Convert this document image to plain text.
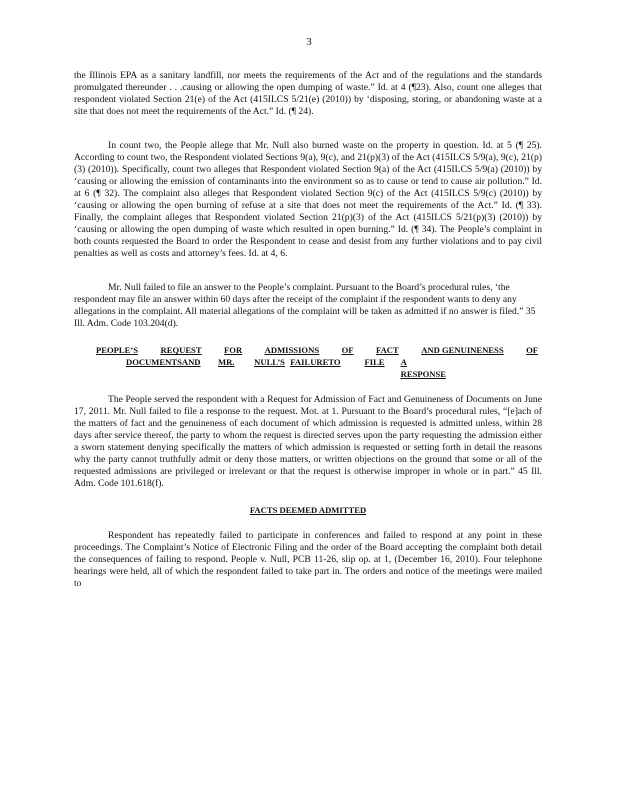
3

the Illinois EPA as a sanitary landfill, nor meets the requirements of the Act and of the regulations and the standards promulgated thereunder . . .causing or allowing the open dumping of waste.” Id. at 4 (¶23). Also, count one alleges that respondent violated Section 21(e) of the Act (415ILCS 5/21(e) (2010)) by ‘disposing, storing, or abandoning waste at a site that does not meet the requirements of the Act.” Id. (¶ 24).

In count two, the People allege that Mr. Null also burned waste on the property in question. Id. at 5 (¶ 25). According to count two, the Respondent violated Sections 9(a), 9(c), and 21(p)(3) of the Act (415ILCS 5/9(a), 9(c), 21(p)(3) (2010)). Specifically, count two alleges that Respondent violated Section 9(a) of the Act (415ILCS 5/9(a) (2010)) by ‘causing or allowing the emission of contaminants into the environment so as to cause or tend to cause air pollution.” Id. at 6 (¶ 32). The complaint also alleges that Respondent violated Section 9(c) of the Act (415ILCS 5/9(c) (2010)) by ‘causing or allowing the open burning of refuse at a site that does not meet the requirements of the Act.” Id. (¶ 33). Finally, the complaint alleges that Respondent violated Section 21(p)(3) of the Act (415ILCS 5/21(p)(3) (2010)) by ‘causing or allowing the open dumping of waste which resulted in open burning.” Id. (¶ 34). The People’s complaint in both counts requested the Board to order the Respondent to cease and desist from any further violations and to pay civil penalties as well as costs and attorney’s fees. Id. at 4, 6.

Mr. Null failed to file an answer to the People’s complaint. Pursuant to the Board’s procedural rules, ‘the respondent may file an answer within 60 days after the receipt of the complaint if the respondent wants to deny any allegations in the complaint. All material allegations of the complaint will be taken as admitted if no answer is filed.” 35 Ill. Adm. Code 103.204(d).

PEOPLE’S	REQUEST	FOR	ADMISSIONS	OF	FACT	AND GENUINENESS	OF
DOCUMENTS AND	MR.	NULL’S FAILURE TO	FILE	A RESPONSE

The People served the respondent with a Request for Admission of Fact and Genuineness of Documents on June 17, 2011. Mr. Null failed to file a response to the request. Mot. at 1. Pursuant to the Board’s procedural rules, “[e]ach of the matters of fact and the genuineness of each document of which admission is requested is admitted unless, within 28 days after service thereof, the party to whom the request is directed serves upon the party requesting the admission either a sworn statement denying specifically the matters of which admission is requested or setting forth in detail the reasons why the party cannot truthfully admit or deny those matters, or written objections on the ground that some or all of the requested admissions are privileged or irrelevant or that the request is otherwise improper in whole or in part.” 45 Ill. Adm. Code 101.618(f).

FACTS DEEMED ADMITTED

Respondent has repeatedly failed to participate in conferences and failed to respond at any point in these proceedings. The Complaint’s Notice of Electronic Filing and the order of the Board accepting the complaint both detail the consequences of failing to respond. People v. Null, PCB 11-26, slip op. at 1, (December 16, 2010). Four telephone hearings were held, all of which the respondent failed to take part in. The orders and notice of the meetings were mailed to
